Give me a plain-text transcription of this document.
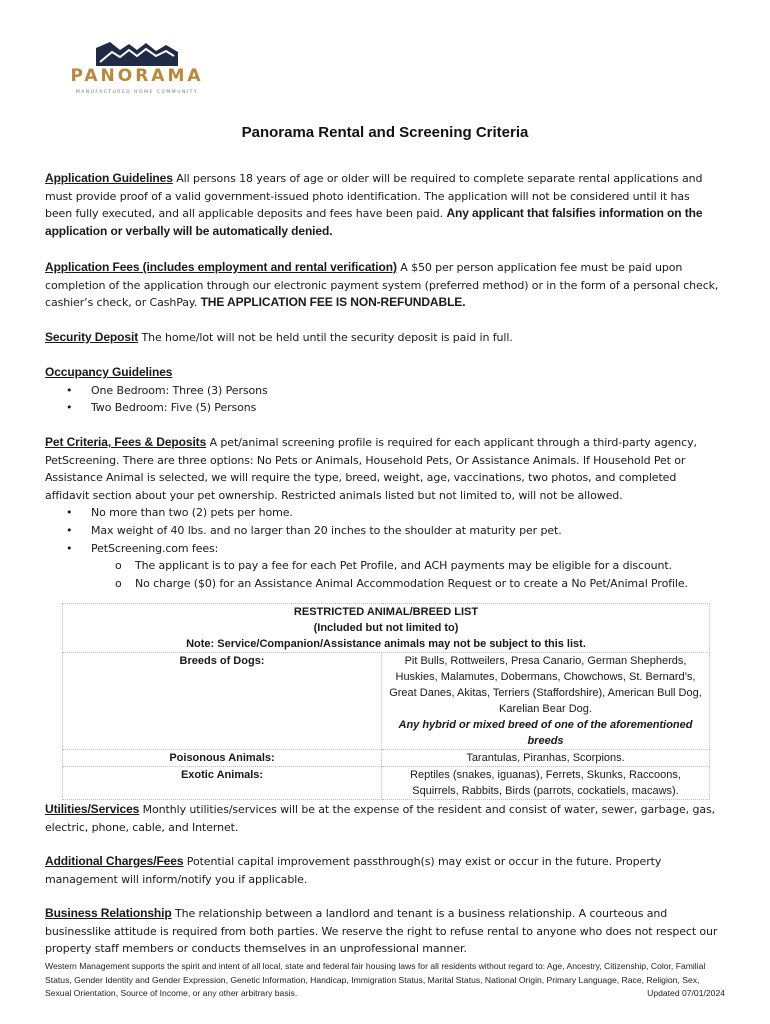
PANORAMA
MANUFACTURED HOME COMMUNITY
Panorama Rental and Screening Criteria

Application Guidelines All persons 18 years of age or older will be required to complete separate rental applications and must provide proof of a valid government-issued photo identification. The application will not be considered until it has been fully executed, and all applicable deposits and fees have been paid. Any applicant that falsifies information on the application or verbally will be automatically denied.

Application Fees (includes employment and rental verification) A $50 per person application fee must be paid upon completion of the application through our electronic payment system (preferred method) or in the form of a personal check, cashier’s check, or CashPay. THE APPLICATION FEE IS NON-REFUNDABLE.

Security Deposit The home/lot will not be held until the security deposit is paid in full.

Occupancy Guidelines

• One Bedroom: Three (3) Persons
• Two Bedroom: Five (5) Persons

Pet Criteria, Fees & Deposits A pet/animal screening profile is required for each applicant through a third-party agency, PetScreening. There are three options: No Pets or Animals, Household Pets, Or Assistance Animals. If Household Pet or Assistance Animal is selected, we will require the type, breed, weight, age, vaccinations, two photos, and completed affidavit section about your pet ownership. Restricted animals listed but not limited to, will not be allowed.

• No more than two (2) pets per home.
• Max weight of 40 lbs. and no larger than 20 inches to the shoulder at maturity per pet.
• PetScreening.com fees:
o The applicant is to pay a fee for each Pet Profile, and ACH payments may be eligible for a discount.
o No charge ($0) for an Assistance Animal Accommodation Request or to create a No Pet/Animal Profile.

Utilities/Services Monthly utilities/services will be at the expense of the resident and consist of water, sewer, garbage, gas, electric, phone, cable, and Internet.

Additional Charges/Fees Potential capital improvement passthrough(s) may exist or occur in the future. Property management will inform/notify you if applicable.

Business Relationship The relationship between a landlord and tenant is a business relationship. A courteous and businesslike attitude is required from both parties. We reserve the right to refuse rental to anyone who does not respect our property staff members or conducts themselves in an unprofessional manner.

RESTRICTED ANIMAL/BREED LIST
(Included but not limited to)
Note: Service/Companion/Assistance animals may not be subject to this list.	

Breeds of Dogs:	Pit Bulls, Rottweilers, Presa Canario, German Shepherds, Huskies, Malamutes, Dobermans, Chowchows, St. Bernard’s, Great Danes, Akitas, Terriers (Staffordshire), American Bull Dog, Karelian Bear Dog.
Any hybrid or mixed breed of one of the aforementioned breeds

Poisonous Animals:	Tarantulas, Piranhas, Scorpions.
Exotic Animals:	Reptiles (snakes, iguanas), Ferrets, Skunks, Raccoons, Squirrels, Rabbits, Birds (parrots, cockatiels, macaws).
Western Management supports the spirit and intent of all local, state and federal fair housing laws for all residents without regard to: Age, Ancestry, Citizenship, Color, Familial Status, Gender Identity and Gender Expression, Genetic Information, Handicap, Immigration Status, Marital Status, National Origin, Primary Language, Race, Religion, Sex, Sexual Orientation, Source of Income, or any other arbitrary basis.	Updated 07/01/2024
